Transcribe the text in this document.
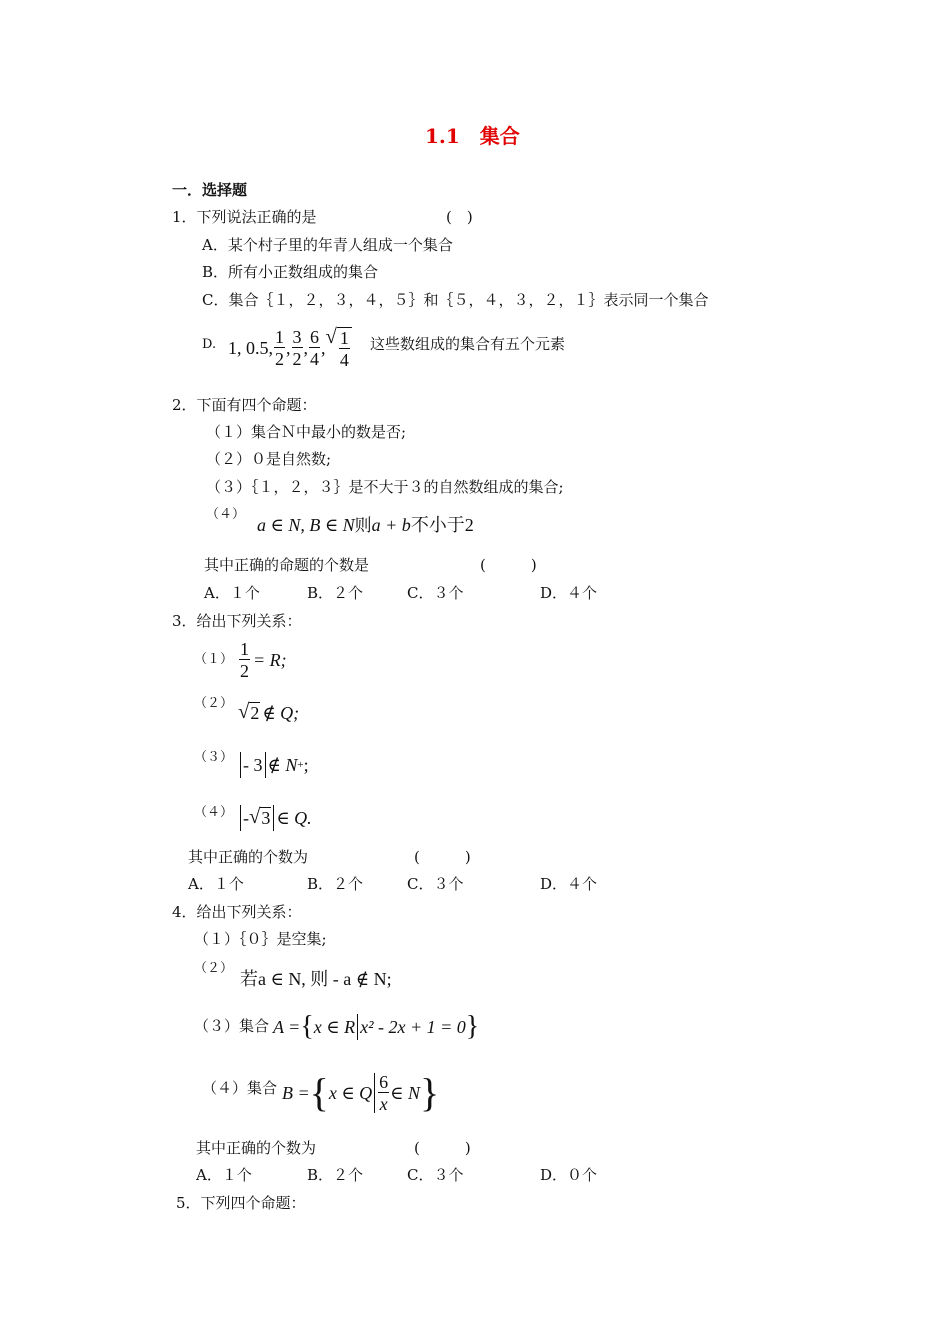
1.1　集合
一．选择题
1．下列说法正确的是	(　)
A．某个村子里的年青人组成一个集合
B．所有小正数组成的集合
C．集合｛１，２，３，４，５｝和｛５，４，３，２，１｝表示同一个集合
D. 1, 0.5, $\frac{1}{2}$ , $\frac{3}{2}$ , $\frac{6}{4}$ , √ $\frac{1}{4}$ 这些数组成的集合有五个元素
2．下面有四个命题：
（１）集合Ｎ中最小的数是否;
（２）０是自然数;
（３）｛１，２，３｝是不大于３的自然数组成的集合;
（４）
a ∈ N, B ∈ N则a + b不小于2
其中正确的命题的个数是	(　　　)
A．１个	B．２个	C．３个	D．４个
3．给出下列关系：
$(1) \frac{1}{2} = R$;
（２） √ 2 ∉ Q;
（３） - 3 ∉ N + ;
（４） - √ 3 ∈ Q.
其中正确的个数为	(　　　)
A．１个	B．２个	C．３个	D．４个
4．给出下列关系：
（１）｛０｝是空集;
（２）
若a ∈ N, 则 - a ∉ N;
（３）集合 A = { x ∈ R x² - 2x + 1 = 0 }
（４）集合 B = { x ∈ Q $\frac{6}{x}$ ∈ N }
其中正确的个数为	(　　　)
A．１个	B．２个	C．３个	D．０个
5．下列四个命题：
